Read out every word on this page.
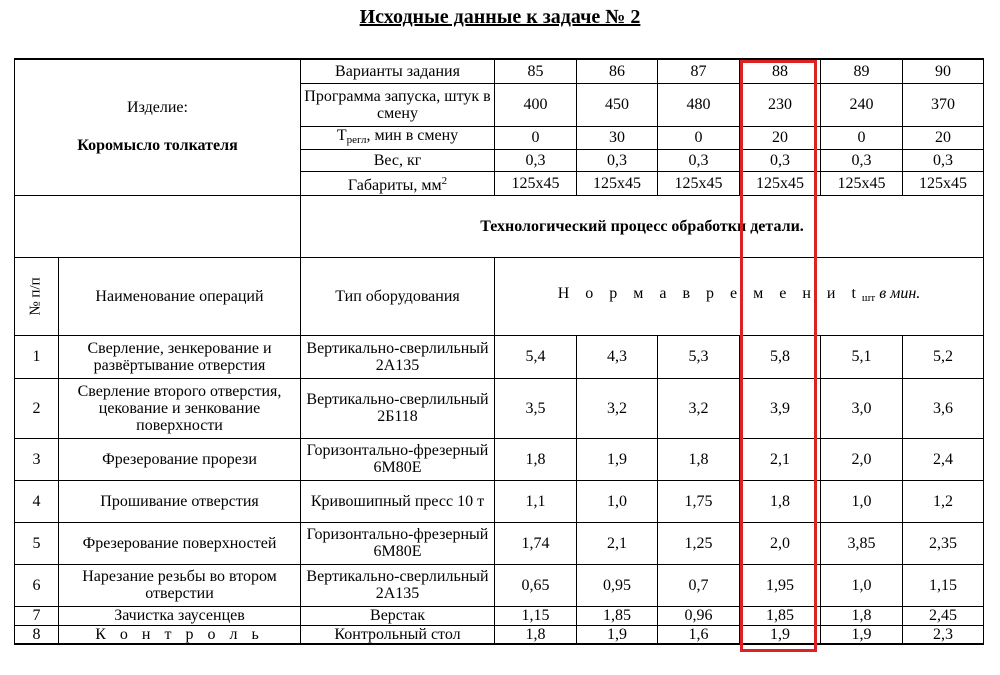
Исходные данные к задаче № 2
Изделие:
Коромысло толкателя		Варианты задания	85	86	87	88	89	90
		Программа запуска, штук в смену	400	450	480	230	240	370
		$T_{регл}$, мин в смену	0	30	0	20	0	20
		Вес, кг	0,3	0,3	0,3	0,3	0,3	0,3
		Габариты, $мм^2$	125х45	125х45	125х45	125х45	125х45	125х45
		Технологический процесс обработки детали.						
№ п/п	Наименование операций	Тип оборудования	Н о р м а в р е м е н и $t_{шт}$ в мин.					
1	Сверление, зенкерование и развёртывание отверстия	Вертикально-сверлильный 2А135	5,4	4,3	5,3	5,8	5,1	5,2
2	Сверление второго отверстия, цекование и зенкование поверхности	Вертикально-сверлильный 2Б118	3,5	3,2	3,2	3,9	3,0	3,6
3	Фрезерование прорези	Горизонтально-фрезерный 6М80Е	1,8	1,9	1,8	2,1	2,0	2,4
4	Прошивание отверстия	Кривошипный пресс 10 т	1,1	1,0	1,75	1,8	1,0	1,2
5	Фрезерование поверхностей	Горизонтально-фрезерный 6М80Е	1,74	2,1	1,25	2,0	3,85	2,35
6	Нарезание резьбы во втором отверстии	Вертикально-сверлильный 2А135	0,65	0,95	0,7	1,95	1,0	1,15
7	Зачистка заусенцев	Верстак	1,15	1,85	0,96	1,85	1,8	2,45
8	К о н т р о л ь	Контрольный стол	1,8	1,9	1,6	1,9	1,9	2,3
